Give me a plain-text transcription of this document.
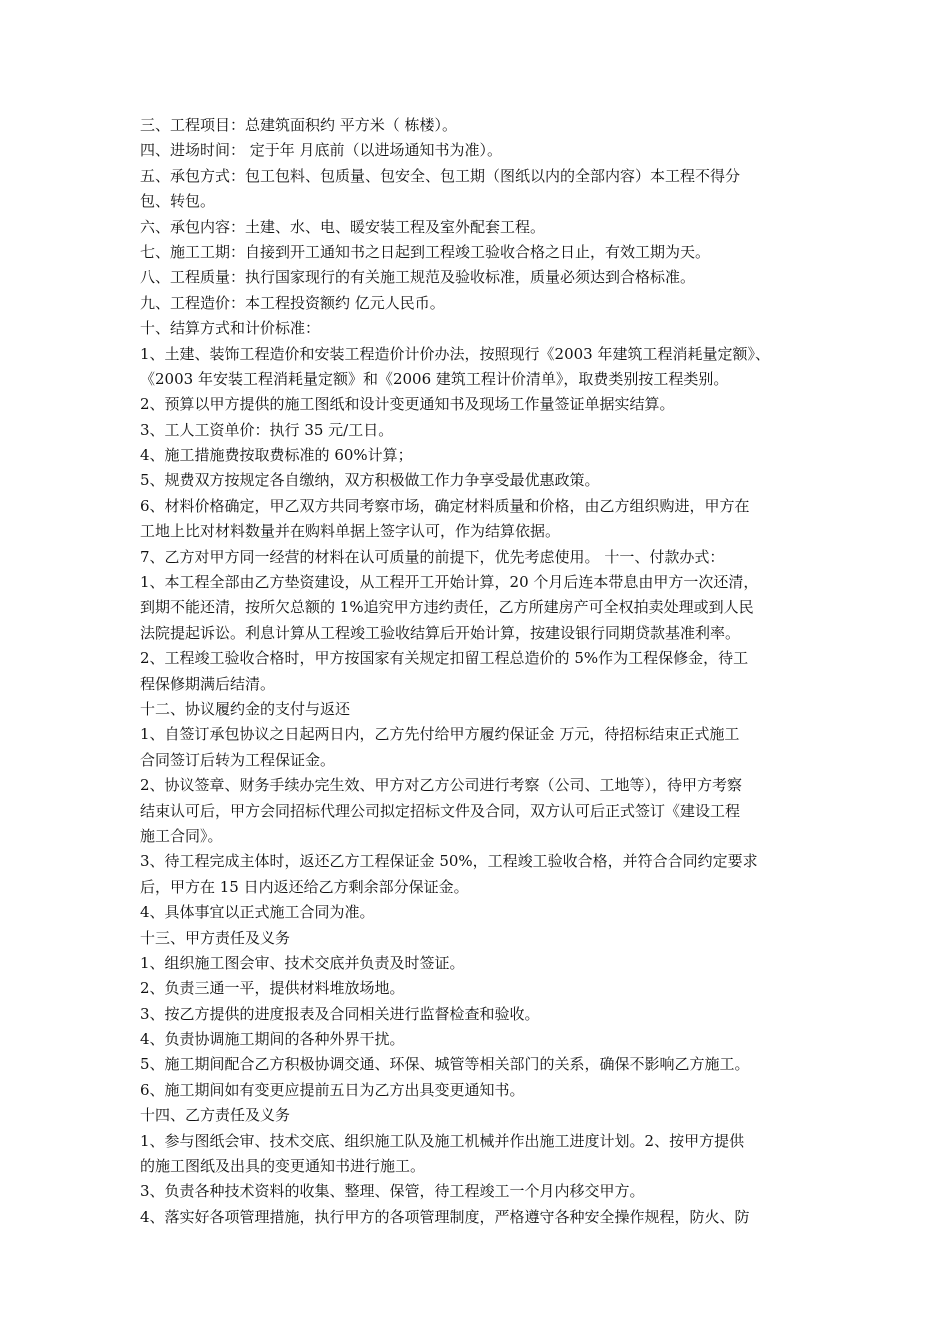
三、工程项目：总建筑面积约 平方米（ 栋楼）。
四、进场时间： 定于年 月底前（以进场通知书为准）。
五、承包方式：包工包料、包质量、包安全、包工期（图纸以内的全部内容）本工程不得分
包、转包。
六、承包内容：土建、水、电、暖安装工程及室外配套工程。
七、施工工期：自接到开工通知书之日起到工程竣工验收合格之日止，有效工期为天。
八、工程质量：执行国家现行的有关施工规范及验收标准，质量必须达到合格标准。
九、工程造价：本工程投资额约 亿元人民币。
十、结算方式和计价标准：
1、土建、装饰工程造价和安装工程造价计价办法，按照现行《2003 年建筑工程消耗量定额》、
《2003 年安装工程消耗量定额》和《2006 建筑工程计价清单》，取费类别按工程类别。
2、预算以甲方提供的施工图纸和设计变更通知书及现场工作量签证单据实结算。
3、工人工资单价：执行 35 元/工日。
4、施工措施费按取费标准的 60%计算；
5、规费双方按规定各自缴纳，双方积极做工作力争享受最优惠政策。
6、材料价格确定，甲乙双方共同考察市场，确定材料质量和价格，由乙方组织购进，甲方在
工地上比对材料数量并在购料单据上签字认可，作为结算依据。
7、乙方对甲方同一经营的材料在认可质量的前提下，优先考虑使用。 十一、付款办式：
1、本工程全部由乙方垫资建设，从工程开工开始计算，20 个月后连本带息由甲方一次还清，
到期不能还清，按所欠总额的 1%追究甲方违约责任，乙方所建房产可全权拍卖处理或到人民
法院提起诉讼。利息计算从工程竣工验收结算后开始计算，按建设银行同期贷款基准利率。
2、工程竣工验收合格时，甲方按国家有关规定扣留工程总造价的 5%作为工程保修金，待工
程保修期满后结清。
十二、协议履约金的支付与返还
1、自签订承包协议之日起两日内，乙方先付给甲方履约保证金 万元，待招标结束正式施工
合同签订后转为工程保证金。
2、协议签章、财务手续办完生效、甲方对乙方公司进行考察（公司、工地等），待甲方考察
结束认可后，甲方会同招标代理公司拟定招标文件及合同，双方认可后正式签订《建设工程
施工合同》。
3、待工程完成主体时，返还乙方工程保证金 50%，工程竣工验收合格，并符合合同约定要求
后，甲方在 15 日内返还给乙方剩余部分保证金。
4、具体事宜以正式施工合同为准。
十三、甲方责任及义务
1、组织施工图会审、技术交底并负责及时签证。
2、负责三通一平，提供材料堆放场地。
3、按乙方提供的进度报表及合同相关进行监督检查和验收。
4、负责协调施工期间的各种外界干扰。
5、施工期间配合乙方积极协调交通、环保、城管等相关部门的关系，确保不影响乙方施工。
6、施工期间如有变更应提前五日为乙方出具变更通知书。
十四、乙方责任及义务
1、参与图纸会审、技术交底、组织施工队及施工机械并作出施工进度计划。2、按甲方提供
的施工图纸及出具的变更通知书进行施工。
3、负责各种技术资料的收集、整理、保管，待工程竣工一个月内移交甲方。
4、落实好各项管理措施，执行甲方的各项管理制度，严格遵守各种安全操作规程，防火、防
